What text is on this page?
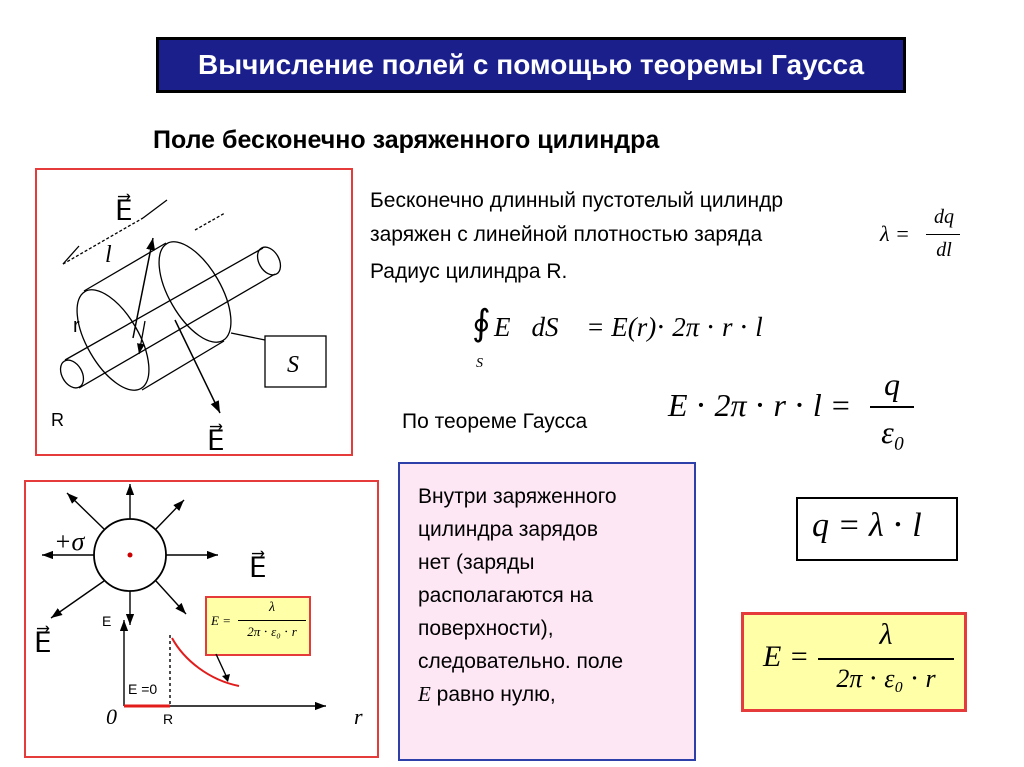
Вычисление полей с помощью теоремы Гаусса
Поле бесконечно заряженного цилиндра
S
E⃗
l
r
R
E⃗
Бесконечно длинный пустотелый цилиндр
заряжен с линейной плотностью заряда
Радиус цилиндра R.
λ =
dq
dl
∮
S
E⃗dS⃗ = E(r)⋅ 2π ⋅ r ⋅ l
По теореме Гаусса	E ⋅ 2π ⋅ r ⋅ l =
q
ε₀
+σ
E⃗
E⃗
E
E =0
0	R	r
E =
λ
2π ⋅ ε₀ ⋅ r
Внутри заряженного
цилиндра зарядов
нет (заряды
располагаются на
поверхности),
следовательно. поле
E равно нулю,
q = λ ⋅ l
E =
λ
2π ⋅ ε₀ ⋅ r
